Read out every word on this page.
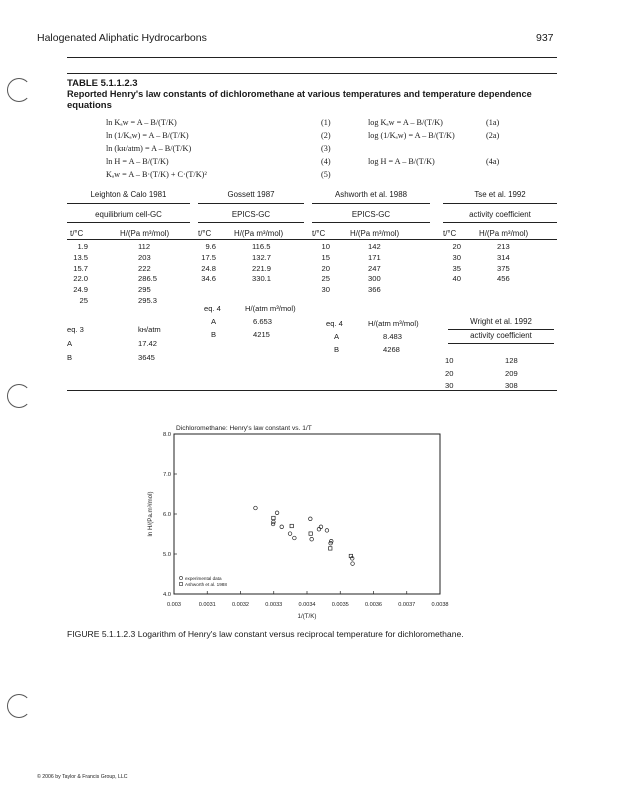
Halogenated Aliphatic Hydrocarbons	937
TABLE 5.1.1.2.3
Reported Henry's law constants of dichloromethane at various temperatures and temperature dependence
equations
ln Kₐᴡ = A – B/(T/K)	(1)
ln (1/Kₐᴡ) = A – B/(T/K)	(2)
ln (kʜ/atm) = A – B/(T/K)	(3)
ln H = A – B/(T/K)	(4)
Kₐᴡ = A – B·(T/K) + C·(T/K)²	(5)
log Kₐᴡ = A – B/(T/K)	(1a)
log (1/Kₐᴡ) = A – B/(T/K)	(2a)
log H = A – B/(T/K)	(4a)
Leighton & Calo 1981
equilibrium cell-GC
t/°C	H/(Pa m³/mol)
1.9	112
13.5	203
15.7	222
22.0	286.5
24.9	295
25	295.3
Gossett 1987
EPICS-GC
t/°C	H/(Pa m³/mol)
9.6	116.5
17.5	132.7
24.8	221.9
34.6	330.1
Ashworth et al. 1988
EPICS-GC
t/°C	H/(Pa m³/mol)
10	142
15	171
20	247
25	300
30	366
Tse et al. 1992
activity coefficient
t/°C	H/(Pa m³/mol)
20	213
30	314
35	375
40	456
eq. 3	kʜ/atm
A	17.42
B	3645
eq. 4	H/(atm m³/mol)
A	6.653
B	4215
eq. 4	H/(atm m³/mol)
A	8.483
B	4268
Wright et al. 1992
activity coefficient
10	128
20	209
30	308
Dichloromethane: Henry's law constant vs. 1/T
4.0
5.0
6.0
7.0
8.0
0.003	0.0031	0.0032	0.0033	0.0034	0.0035	0.0036	0.0037	0.0038
1/(T/K)
ln H/(Pa.m³/mol)
experimental data
Ashworth et al. 1988
FIGURE 5.1.1.2.3 Logarithm of Henry's law constant versus reciprocal temperature for dichloromethane.
© 2006 by Taylor & Francis Group, LLC
